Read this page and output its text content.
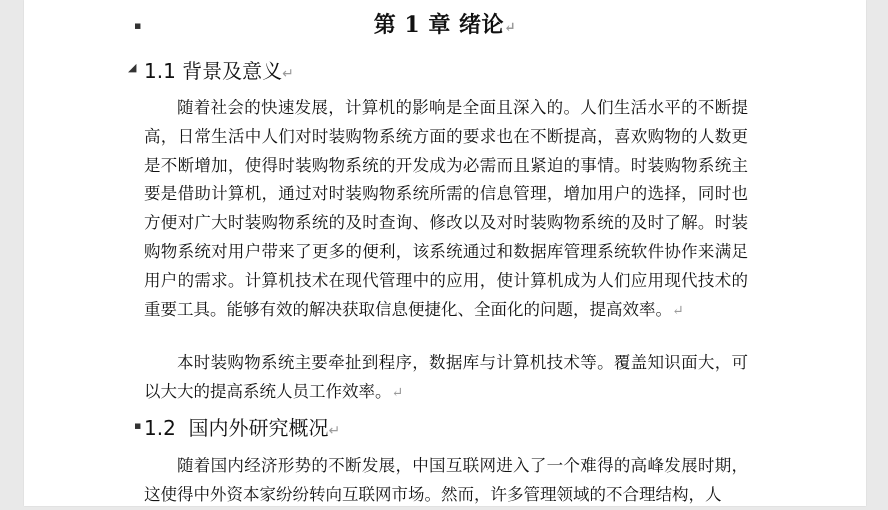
▪	第 1 章 绪论↵
◢ 1.1 背景及意义↵

随着社会的快速发展，计算机的影响是全面且深入的。人们生活水平的不断提高，日常生活中人们对时装购物系统方面的要求也在不断提高，喜欢购物的人数更是不断增加，使得时装购物系统的开发成为必需而且紧迫的事情。时装购物系统主要是借助计算机，通过对时装购物系统所需的信息管理，增加用户的选择，同时也方便对广大时装购物系统的及时查询、修改以及对时装购物系统的及时了解。时装购物系统对用户带来了更多的便利，该系统通过和数据库管理系统软件协作来满足用户的需求。计算机技术在现代管理中的应用，使计算机成为人们应用现代技术的重要工具。能够有效的解决获取信息便捷化、全面化的问题，提高效率。↵

本时装购物系统主要牵扯到程序，数据库与计算机技术等。覆盖知识面大，可以大大的提高系统人员工作效率。↵

▪ 1.2  国内外研究概况↵

随着国内经济形势的不断发展，中国互联网进入了一个难得的高峰发展时期，这使得中外资本家纷纷转向互联网市场。然而，许多管理领域的不合理结构，人
